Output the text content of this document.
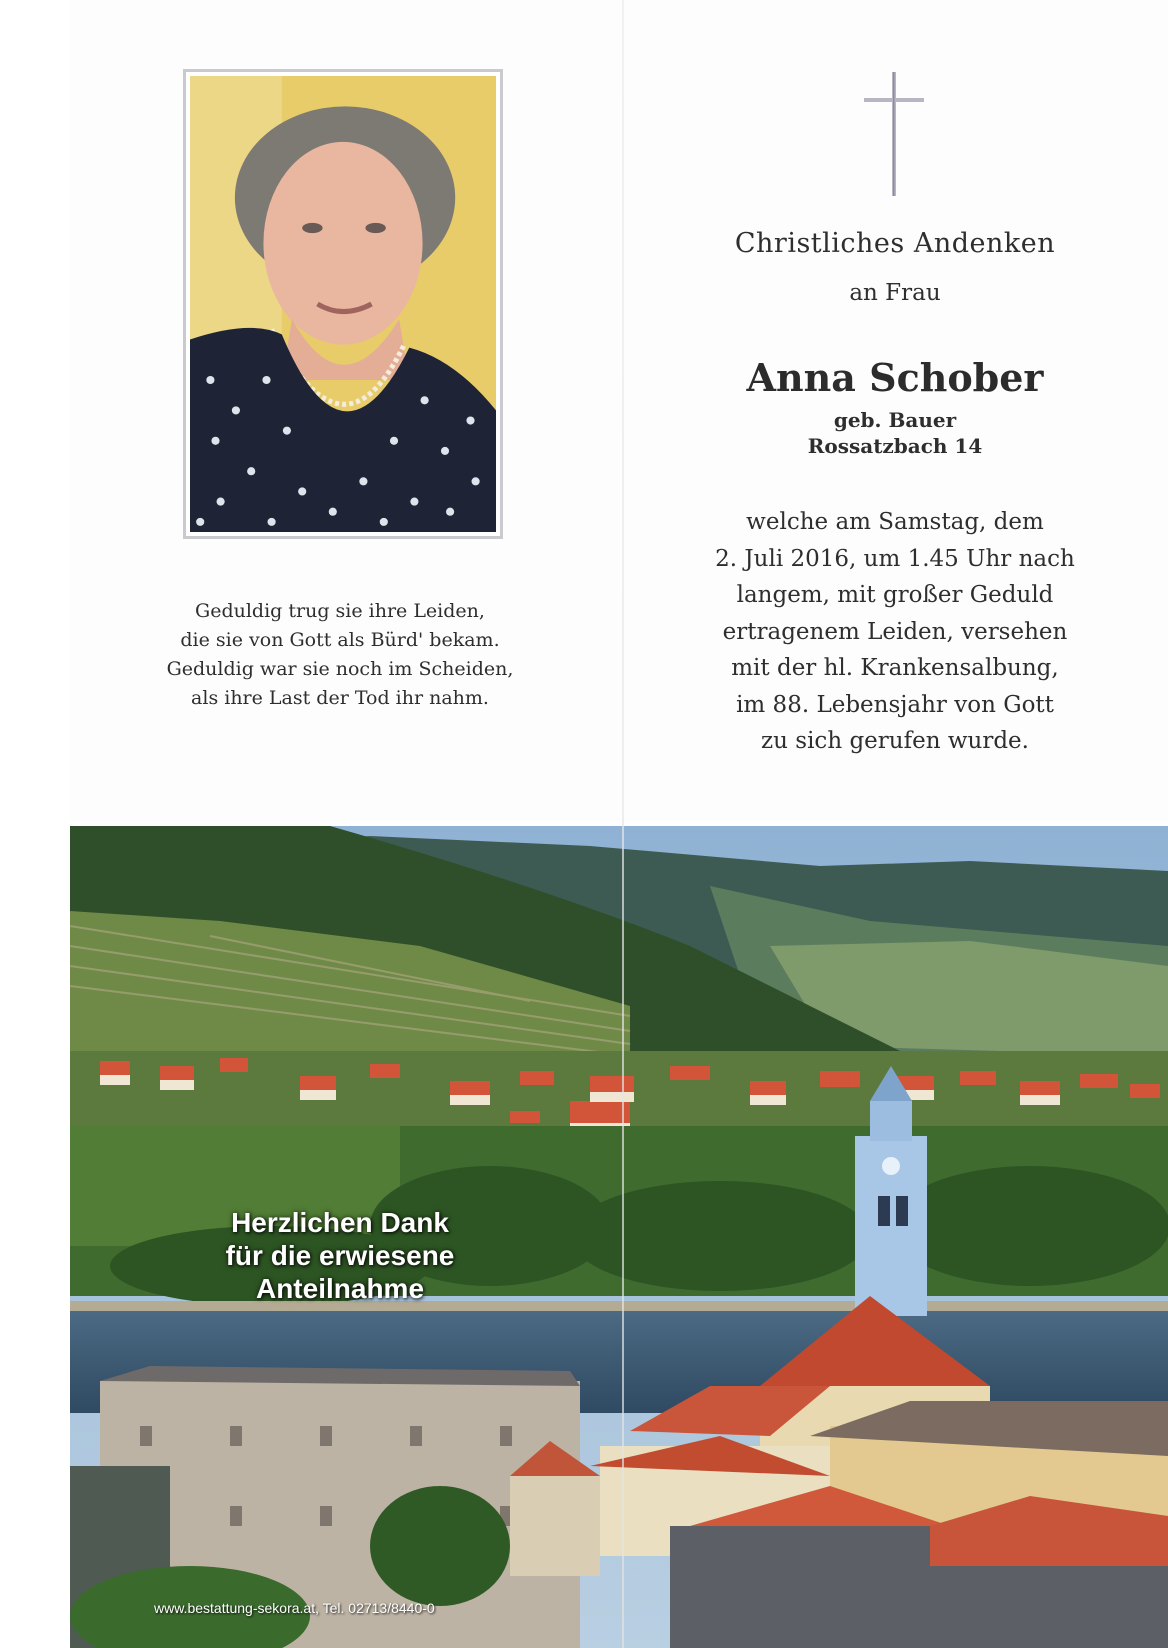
Geduldig trug sie ihre Leiden,
die sie von Gott als Bürd' bekam.
Geduldig war sie noch im Scheiden,
als ihre Last der Tod ihr nahm.
Christliches Andenken
an Frau
Anna Schober
geb. Bauer
Rossatzbach 14
welche am Samstag, dem
2. Juli 2016, um 1.45 Uhr nach
langem, mit großer Geduld
ertragenem Leiden, versehen
mit der hl. Krankensalbung,
im 88. Lebensjahr von Gott
zu sich gerufen wurde.
Herzlichen Dank
für die erwiesene
Anteilnahme
www.bestattung-sekora.at, Tel. 02713/8440-0
